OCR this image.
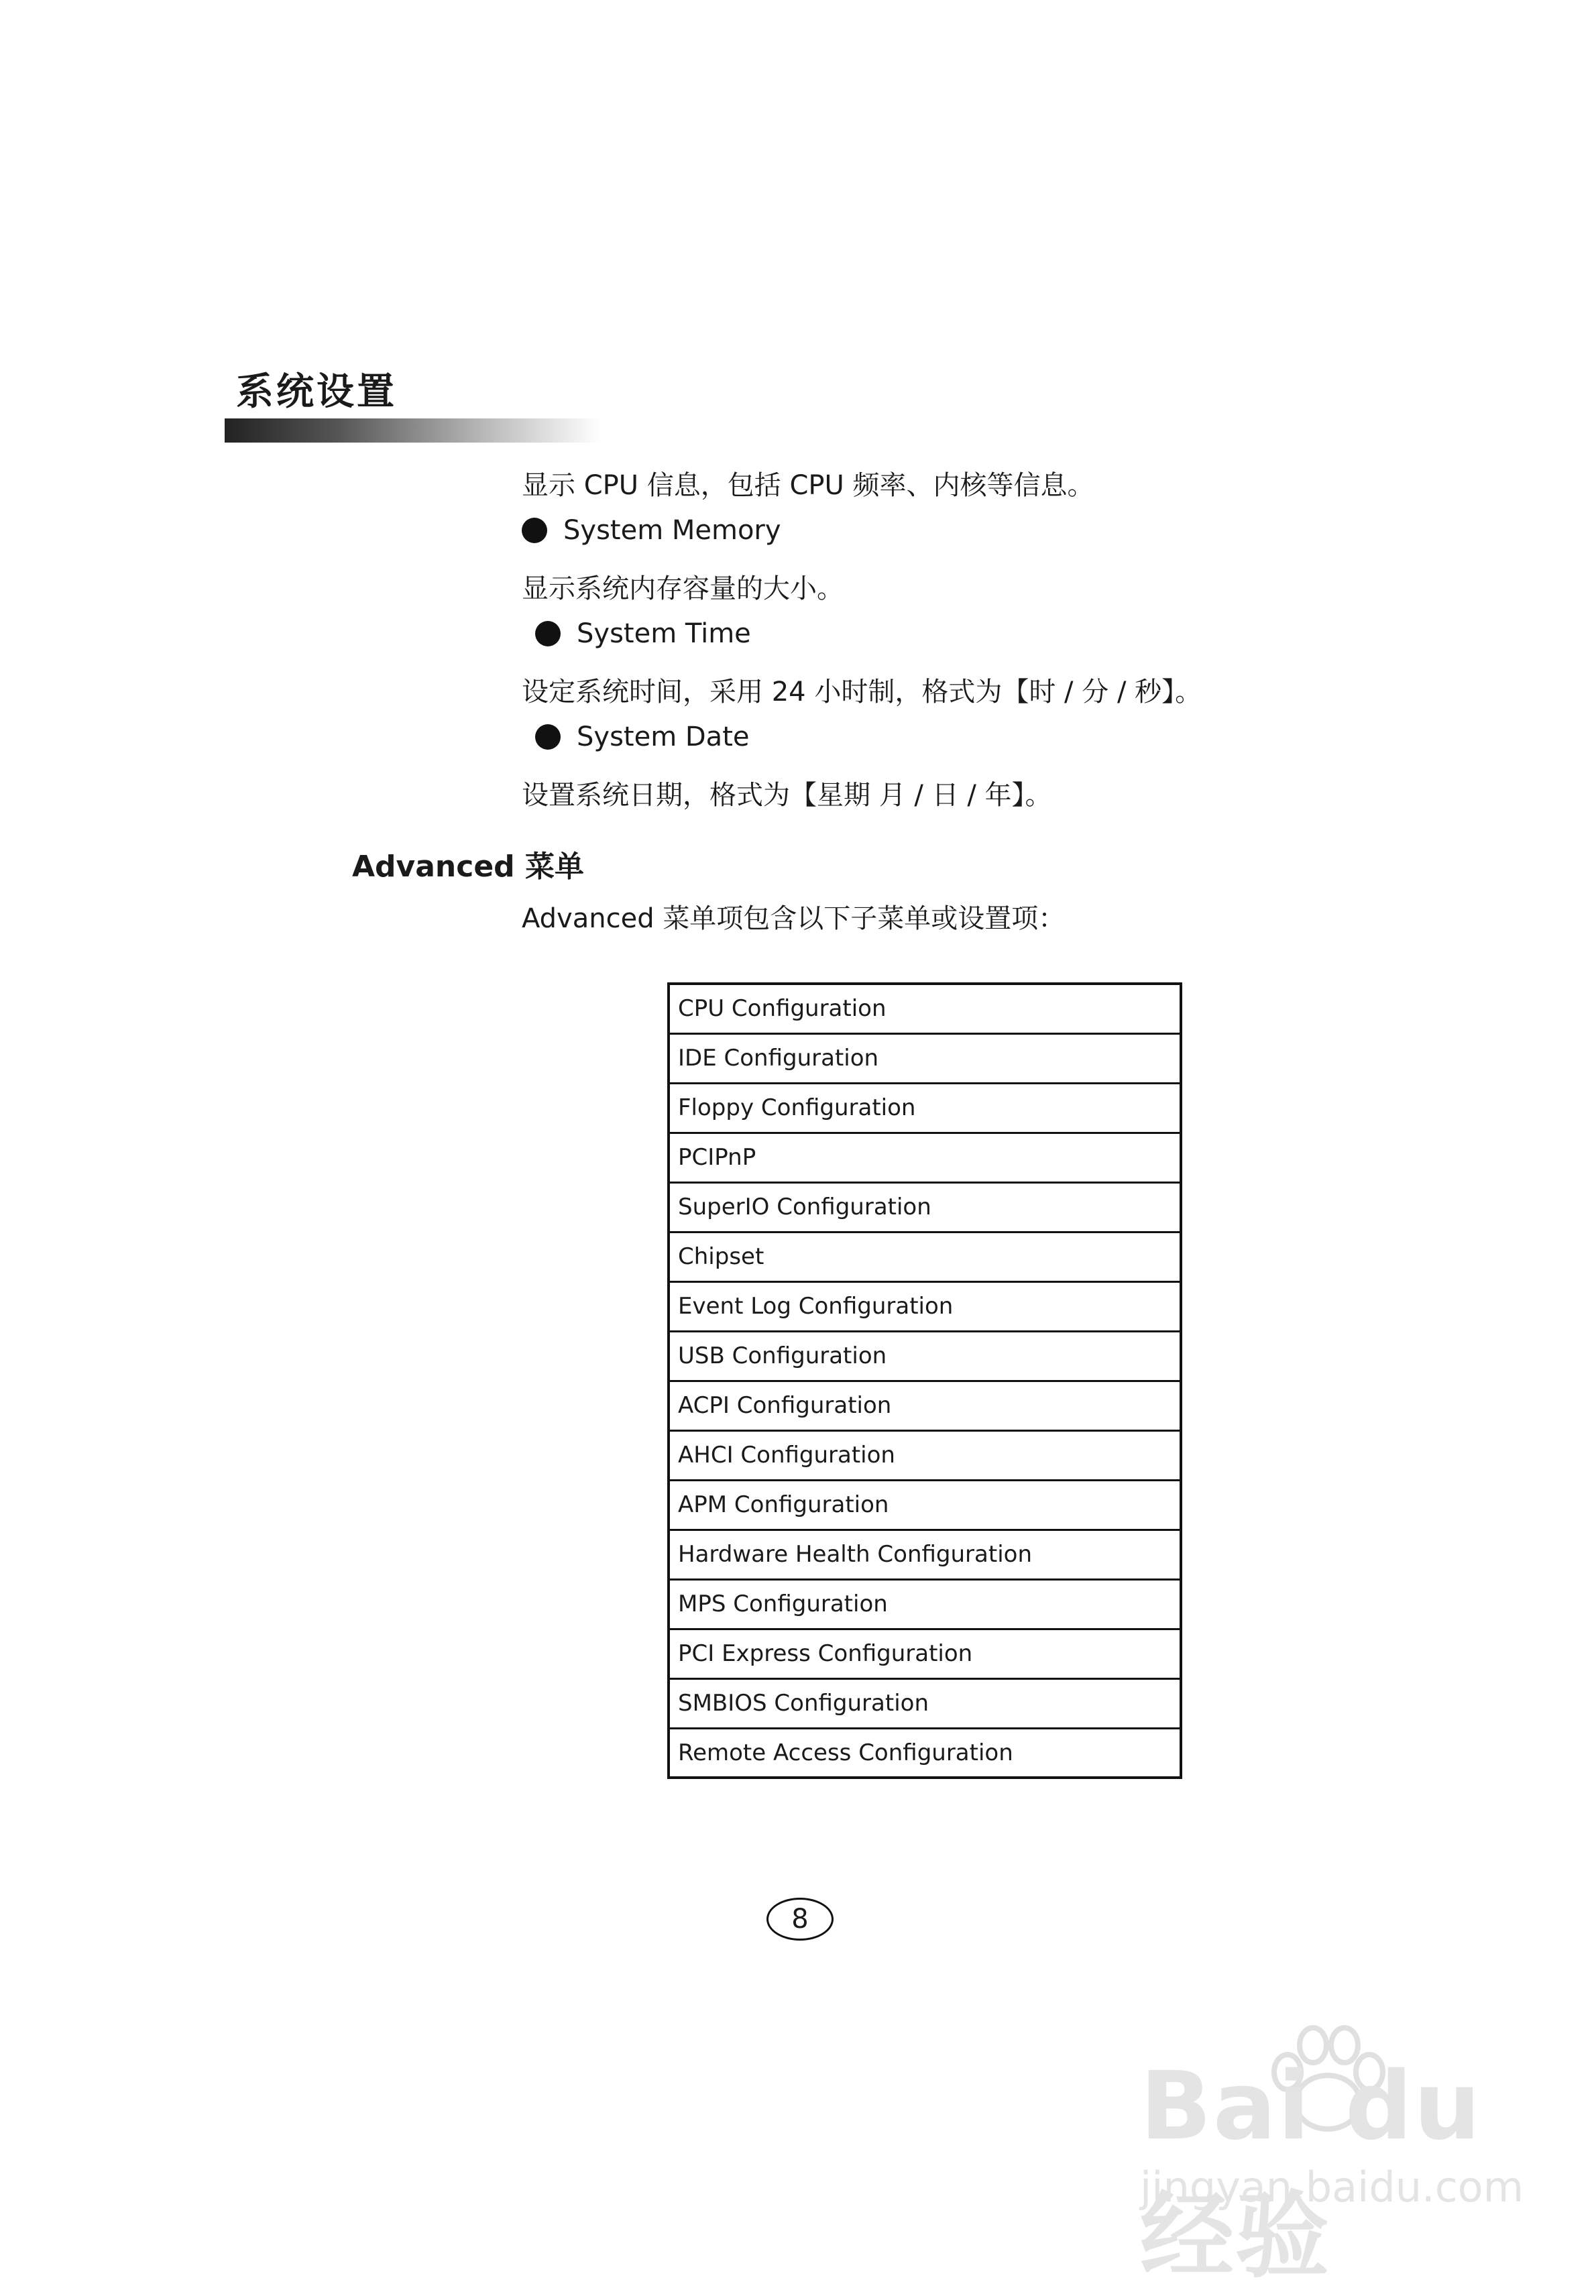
系统设置
显示 CPU 信息，包括 CPU 频率、内核等信息。
System Memory
显示系统内存容量的大小。
System Time
设定系统时间，采用 24 小时制，格式为【时 / 分 / 秒】。
System Date
设置系统日期，格式为【星期 月 / 日 / 年】。
Advanced 菜单
Advanced 菜单项包含以下子菜单或设置项：
CPU Configuration
IDE Configuration
Floppy Configuration
PCIPnP
SuperIO Configuration
Chipset
Event Log Configuration
USB Configuration
ACPI Configuration
AHCI Configuration
APM Configuration
Hardware Health Configuration
MPS Configuration
PCI Express Configuration
SMBIOS Configuration
Remote Access Configuration
8
Bai du 经验
jingyan.baidu.com
